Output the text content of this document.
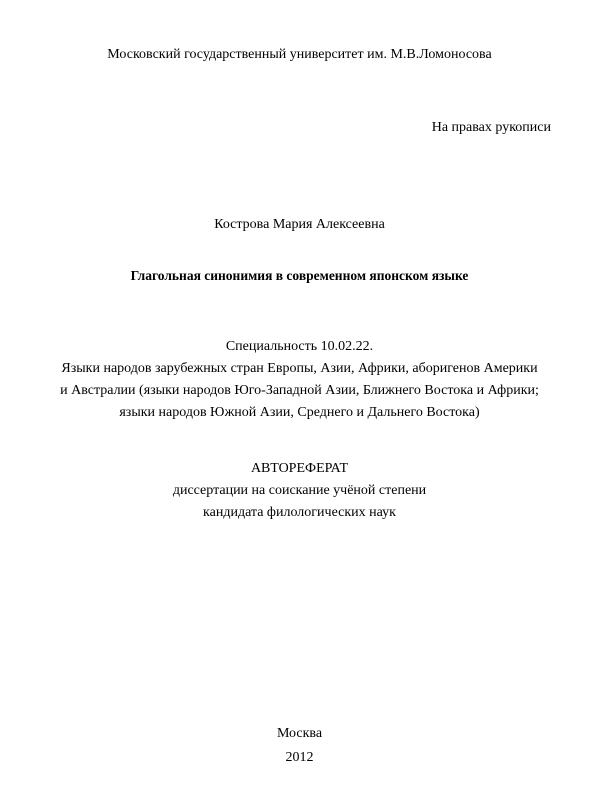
Московский государственный университет им. М.В.Ломоносова
На правах рукописи
Кострова Мария Алексеевна
Глагольная синонимия в современном японском языке
Специальность 10.02.22.
Языки народов зарубежных стран Европы, Азии, Африки, аборигенов Америки
и Австралии (языки народов Юго-Западной Азии, Ближнего Востока и Африки;
языки народов Южной Азии, Среднего и Дальнего Востока)
АВТОРЕФЕРАТ
диссертации на соискание учёной степени
кандидата филологических наук
Москва
2012
